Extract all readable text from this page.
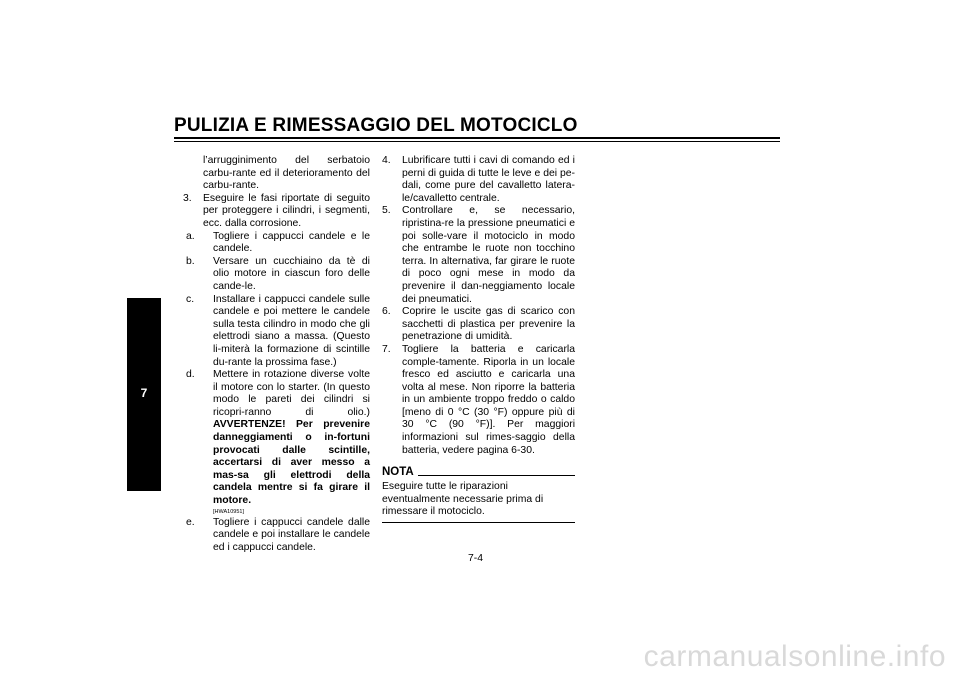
PULIZIA E RIMESSAGGIO DEL MOTOCICLO
7
l’arrugginimento del serbatoio carbu-rante ed il deterioramento del carbu-rante.
3. Eseguire le fasi riportate di seguito per proteggere i cilindri, i segmenti, ecc. dalla corrosione.
a. Togliere i cappucci candele e le candele.
b. Versare un cucchiaino da tè di olio motore in ciascun foro delle cande-le.
c. Installare i cappucci candele sulle candele e poi mettere le candele sulla testa cilindro in modo che gli elettrodi siano a massa. (Questo li-miterà la formazione di scintille du-rante la prossima fase.)
d. Mettere in rotazione diverse volte il motore con lo starter. (In questo modo le pareti dei cilindri si ricopri-ranno di olio.) AVVERTENZE! Per prevenire danneggiamenti o in-fortuni provocati dalle scintille, accertarsi di aver messo a mas-sa gli elettrodi della candela mentre si fa girare il motore.
[HWA10951]
e. Togliere i cappucci candele dalle candele e poi installare le candele ed i cappucci candele.
4. Lubrificare tutti i cavi di comando ed i perni di guida di tutte le leve e dei pe-dali, come pure del cavalletto latera-le/cavalletto centrale.
5. Controllare e, se necessario, ripristina-re la pressione pneumatici e poi solle-vare il motociclo in modo che entrambe le ruote non tocchino terra. In alternativa, far girare le ruote di poco ogni mese in modo da prevenire il dan-neggiamento locale dei pneumatici.
6. Coprire le uscite gas di scarico con sacchetti di plastica per prevenire la penetrazione di umidità.
7. Togliere la batteria e caricarla comple-tamente. Riporla in un locale fresco ed asciutto e caricarla una volta al mese. Non riporre la batteria in un ambiente troppo freddo o caldo [meno di 0 °C (30 °F) oppure più di 30 °C (90 °F)]. Per maggiori informazioni sul rimes-saggio della batteria, vedere pagina 6-30.
NOTA
Eseguire tutte le riparazioni eventualmente necessarie prima di rimessare il motociclo.
7-4
carmanualsonline.info
